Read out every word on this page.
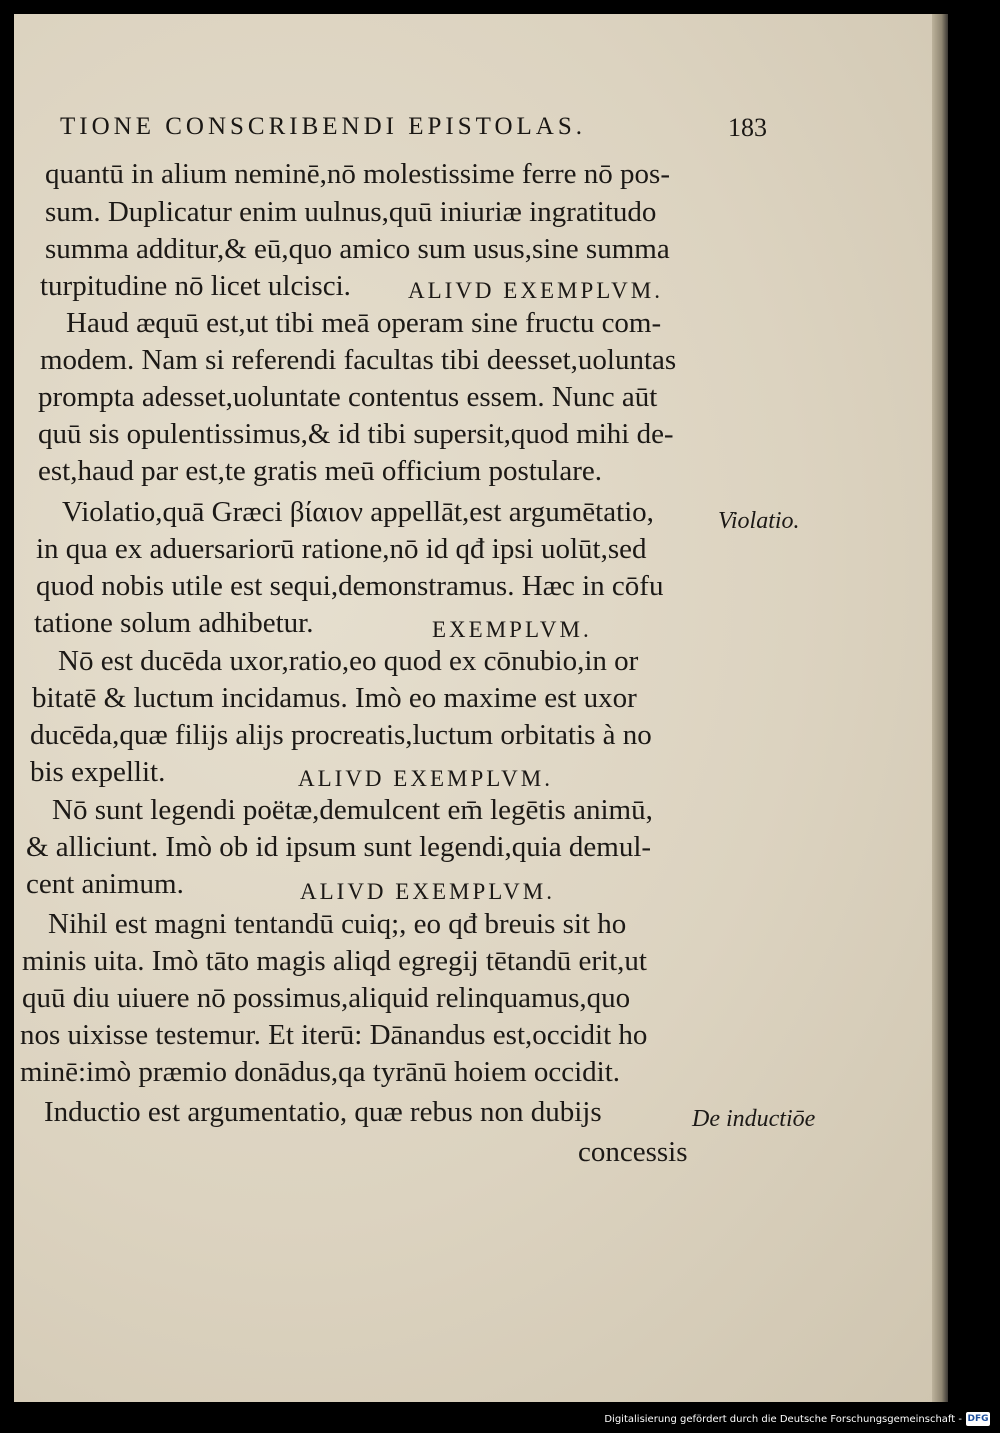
TIONE CONSCRIBENDI EPISTOLAS.	183
quantū in alium neminē,nō molestissime ferre nō pos-
sum. Duplicatur enim uulnus,quū iniuriæ ingratitudo
summa additur,& eū,quo amico sum usus,sine summa
turpitudine nō licet ulcisci. ALIVD EXEMPLVM.
Haud æquū est,ut tibi meā operam sine fructu com-
modem. Nam si referendi facultas tibi deesset,uoluntas
prompta adesset,uoluntate contentus essem. Nunc aūt
quū sis opulentissimus,& id tibi supersit,quod mihi de-
est,haud par est,te gratis meū officium postulare.
Violatio,quā Græci βίαιον appellāt,est argumētatio,
in qua ex aduersariorū ratione,nō id qđ ipsi uolūt,sed
quod nobis utile est sequi,demonstramus. Hæc in cōfu
tatione solum adhibetur.	EXEMPLVM.
Nō est ducēda uxor,ratio,eo quod ex cōnubio,in or
bitatē & luctum incidamus. Imò eo maxime est uxor
ducēda,quæ filijs alijs procreatis,luctum orbitatis à no
bis expellit.	ALIVD EXEMPLVM.
Nō sunt legendi poëtæ,demulcent em̄ legētis animū,
& alliciunt. Imò ob id ipsum sunt legendi,quia demul-
cent animum.	ALIVD EXEMPLVM.
Nihil est magni tentandū cuiq;, eo qđ breuis sit ho
minis uita. Imò tāto magis aliqd egregij tētandū erit,ut
quū diu uiuere nō possimus,aliquid relinquamus,quo
nos uixisse testemur. Et iterū: Dānandus est,occidit ho
minē:imò præmio donādus,qa tyrānū hoiem occidit.
Inductio est argumentatio, quæ rebus non dubijs
concessis
Violatio.
De inductiōe
Digitalisierung gefördert durch die Deutsche Forschungsgemeinschaft - DFG
